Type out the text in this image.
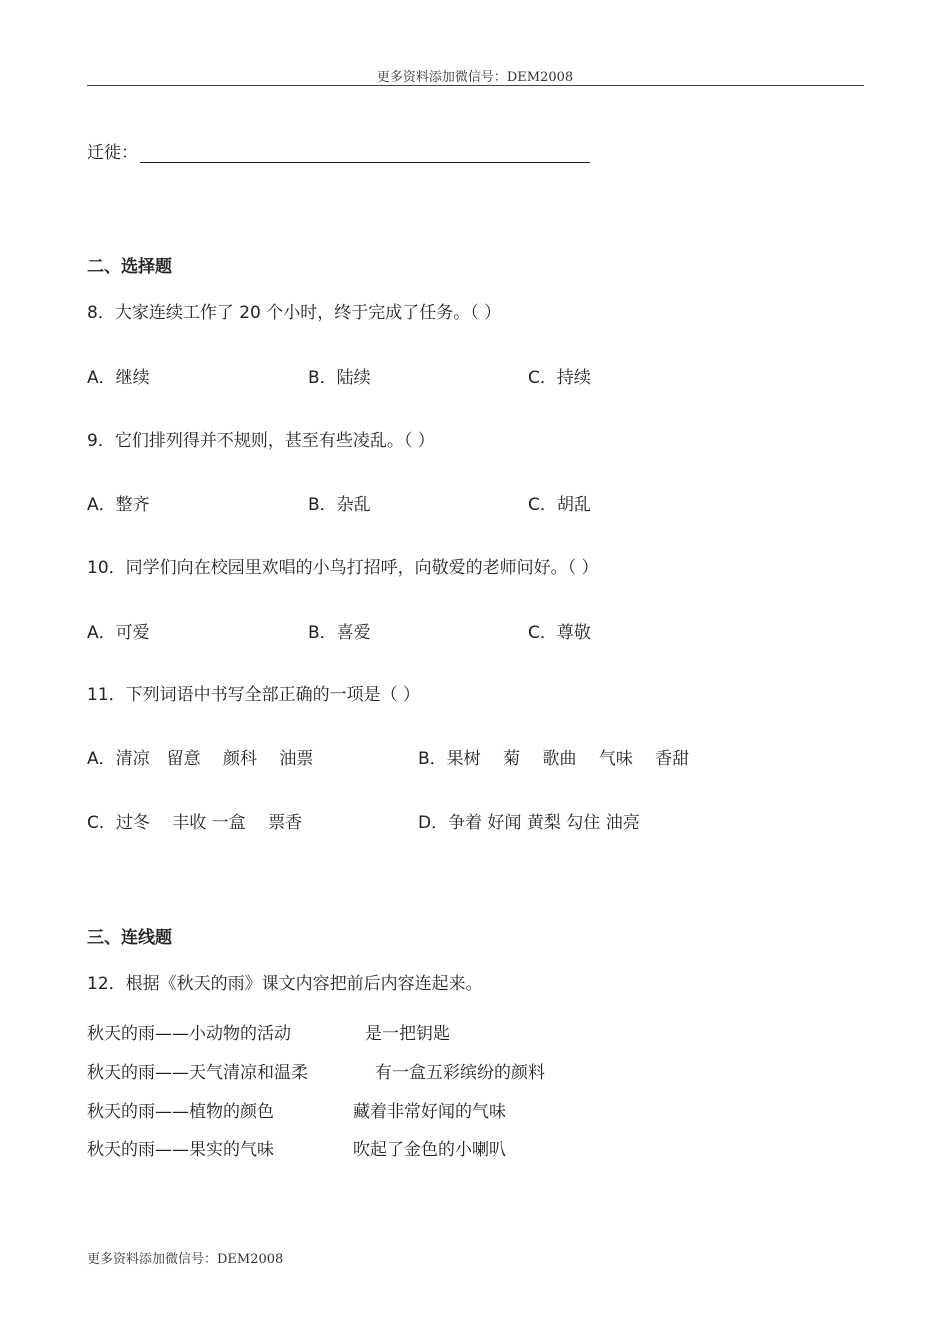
更多资料添加微信号：DEM2008
迁徙：
二、选择题
8．大家连续工作了 20 个小时，终于完成了任务。（ ）
A．继续	B．陆续	C．持续
9．它们排列得并不规则，甚至有些凌乱。（ ）
A．整齐	B．杂乱	C．胡乱
10．同学们向在校园里欢唱的小鸟打招呼，向敬爱的老师问好。（ ）
A．可爱	B．喜爱	C．尊敬
11．下列词语中书写全部正确的一项是（ ）
A．清凉　留意　 颜科　 油票	B．果树　 菊　 歌曲　 气味　 香甜
C．过冬　 丰收 一盒　 票香	D．争着 好闻 黄梨 勾住 油亮
三、连线题
12．根据《秋天的雨》课文内容把前后内容连起来。
秋天的雨——小动物的活动	是一把钥匙
秋天的雨——天气清凉和温柔	有一盒五彩缤纷的颜料
秋天的雨——植物的颜色	藏着非常好闻的气味
秋天的雨——果实的气味	吹起了金色的小喇叭
更多资料添加微信号：DEM2008
